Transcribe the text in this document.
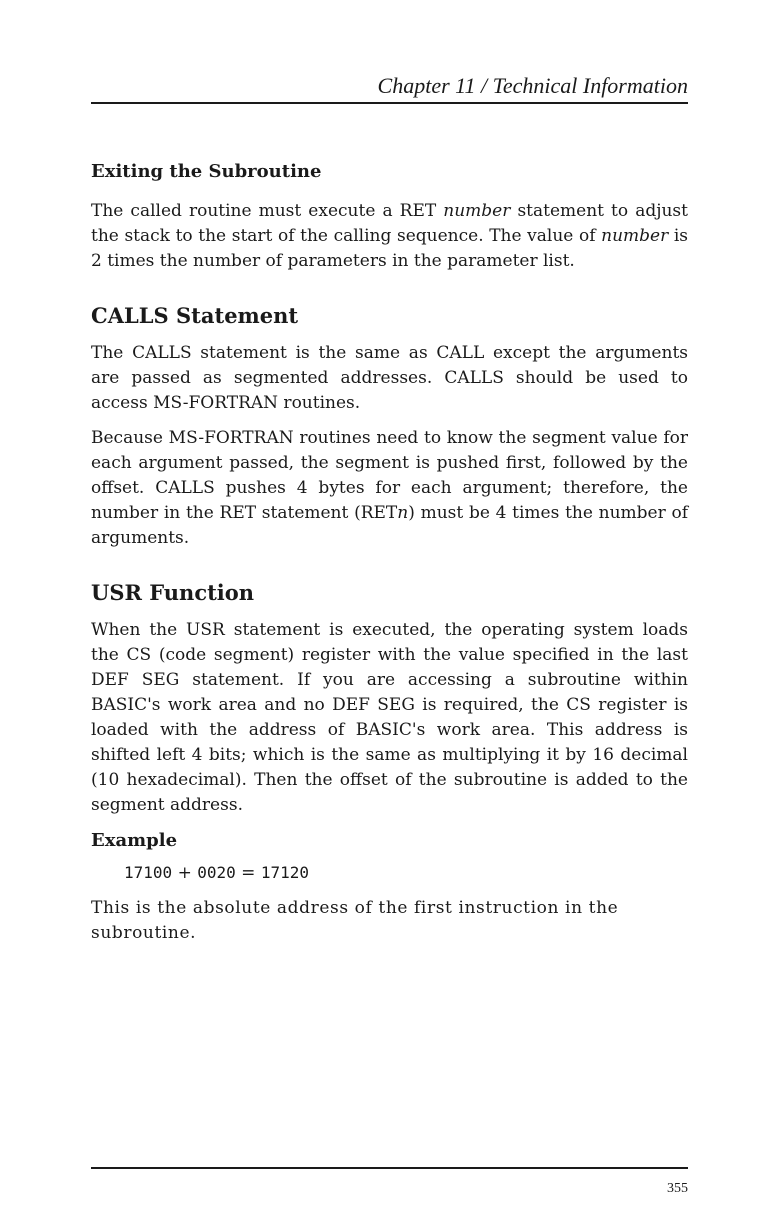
Chapter 11 / Technical Information
Exiting the Subroutine

The called routine must execute a RET number statement to adjust the stack to the start of the calling sequence. The value of number is 2 times the number of parameters in the parameter list.

CALLS Statement

The CALLS statement is the same as CALL except the arguments are passed as segmented addresses. CALLS should be used to access MS-FORTRAN routines.

Because MS-FORTRAN routines need to know the segment value for each argument passed, the segment is pushed first, followed by the offset. CALLS pushes 4 bytes for each argument; therefore, the number in the RET statement (RETn) must be 4 times the number of arguments.

USR Function

When the USR statement is executed, the operating system loads the CS (code segment) register with the value specified in the last DEF SEG statement. If you are accessing a subroutine within BASIC's work area and no DEF SEG is required, the CS register is loaded with the address of BASIC's work area. This address is shifted left 4 bits; which is the same as multiplying it by 16 decimal (10 hexadecimal). Then the offset of the subroutine is added to the segment address.

Example
17100 + 0020 = 17120

This is the absolute address of the first instruction in the subroutine.

355
